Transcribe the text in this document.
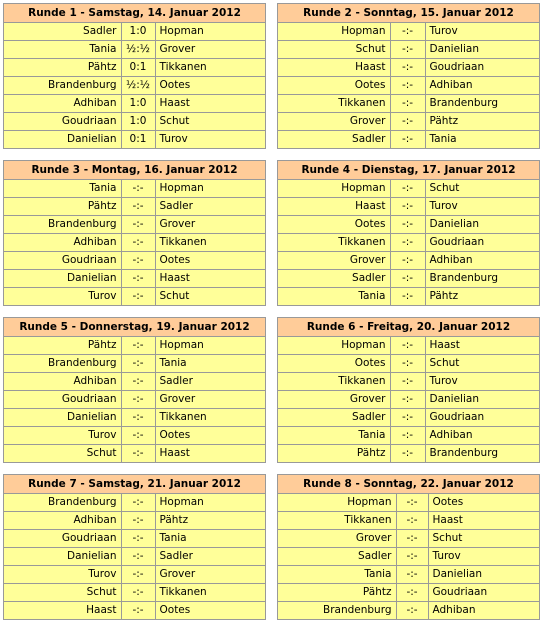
Runde 1 - Samstag, 14. Januar 2012
Sadler	1:0	Hopman
Tania	½:½	Grover
Pähtz	0:1	Tikkanen
Brandenburg	½:½	Ootes
Adhiban	1:0	Haast
Goudriaan	1:0	Schut
Danielian	0:1	Turov
Runde 2 - Sonntag, 15. Januar 2012
Hopman	-:-	Turov
Schut	-:-	Danielian
Haast	-:-	Goudriaan
Ootes	-:-	Adhiban
Tikkanen	-:-	Brandenburg
Grover	-:-	Pähtz
Sadler	-:-	Tania
Runde 3 - Montag, 16. Januar 2012
Tania	-:-	Hopman
Pähtz	-:-	Sadler
Brandenburg	-:-	Grover
Adhiban	-:-	Tikkanen
Goudriaan	-:-	Ootes
Danielian	-:-	Haast
Turov	-:-	Schut
Runde 4 - Dienstag, 17. Januar 2012
Hopman	-:-	Schut
Haast	-:-	Turov
Ootes	-:-	Danielian
Tikkanen	-:-	Goudriaan
Grover	-:-	Adhiban
Sadler	-:-	Brandenburg
Tania	-:-	Pähtz
Runde 5 - Donnerstag, 19. Januar 2012
Pähtz	-:-	Hopman
Brandenburg	-:-	Tania
Adhiban	-:-	Sadler
Goudriaan	-:-	Grover
Danielian	-:-	Tikkanen
Turov	-:-	Ootes
Schut	-:-	Haast
Runde 6 - Freitag, 20. Januar 2012
Hopman	-:-	Haast
Ootes	-:-	Schut
Tikkanen	-:-	Turov
Grover	-:-	Danielian
Sadler	-:-	Goudriaan
Tania	-:-	Adhiban
Pähtz	-:-	Brandenburg
Runde 7 - Samstag, 21. Januar 2012
Brandenburg	-:-	Hopman
Adhiban	-:-	Pähtz
Goudriaan	-:-	Tania
Danielian	-:-	Sadler
Turov	-:-	Grover
Schut	-:-	Tikkanen
Haast	-:-	Ootes
Runde 8 - Sonntag, 22. Januar 2012
Hopman	-:-	Ootes
Tikkanen	-:-	Haast
Grover	-:-	Schut
Sadler	-:-	Turov
Tania	-:-	Danielian
Pähtz	-:-	Goudriaan
Brandenburg	-:-	Adhiban
